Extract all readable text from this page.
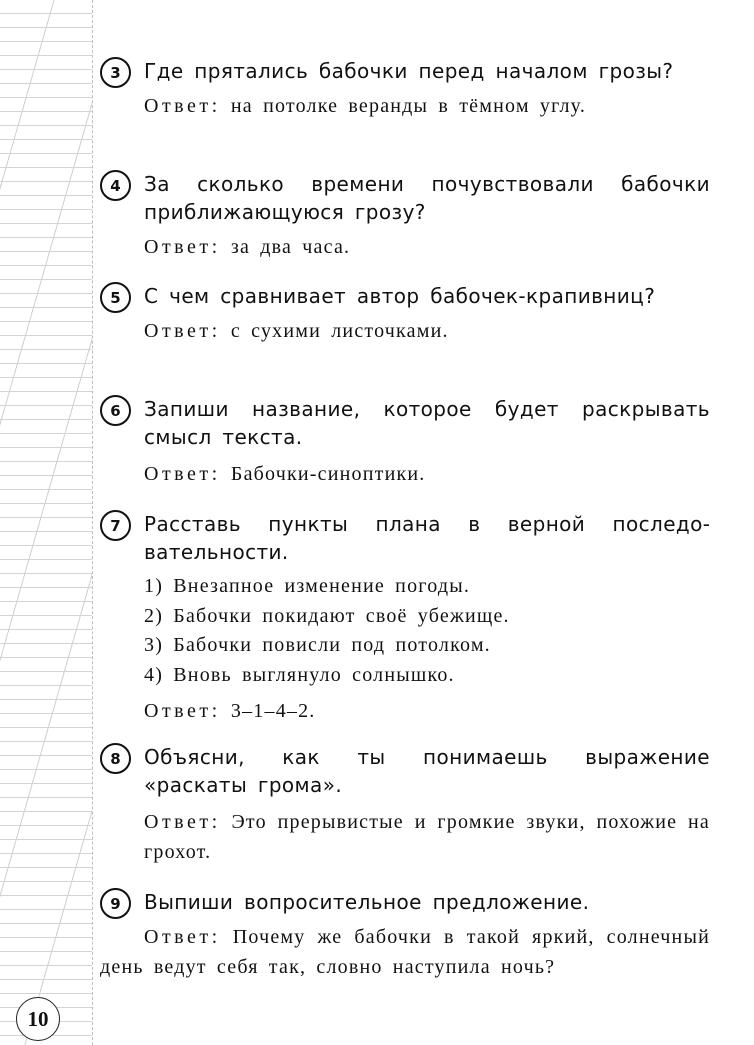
10
3	Где прятались бабочки перед началом грозы?

Ответ: на потолке веранды в тёмном углу.

4	За сколько времени почувствовали бабочки приближающуюся грозу?

Ответ: за два часа.

5	С чем сравнивает автор бабочек-крапивниц?

Ответ: с сухими листочками.

6	Запиши название, которое будет раскрывать смысл текста.

Ответ: Бабочки-синоптики.

7	Расставь пункты плана в верной последовательности.

1) Внезапное изменение погоды.
2) Бабочки покидают своё убежище.
3) Бабочки повисли под потолком.
4) Вновь выглянуло солнышко.

Ответ: 3–1–4–2.

8	Объясни, как ты понимаешь выражение «раскаты грома».

Ответ: Это прерывистые и громкие звуки, похожие на грохот.

9	Выпиши вопросительное предложение.

Ответ: Почему же бабочки в такой яркий, солнечный день ведут себя так, словно наступила ночь?
